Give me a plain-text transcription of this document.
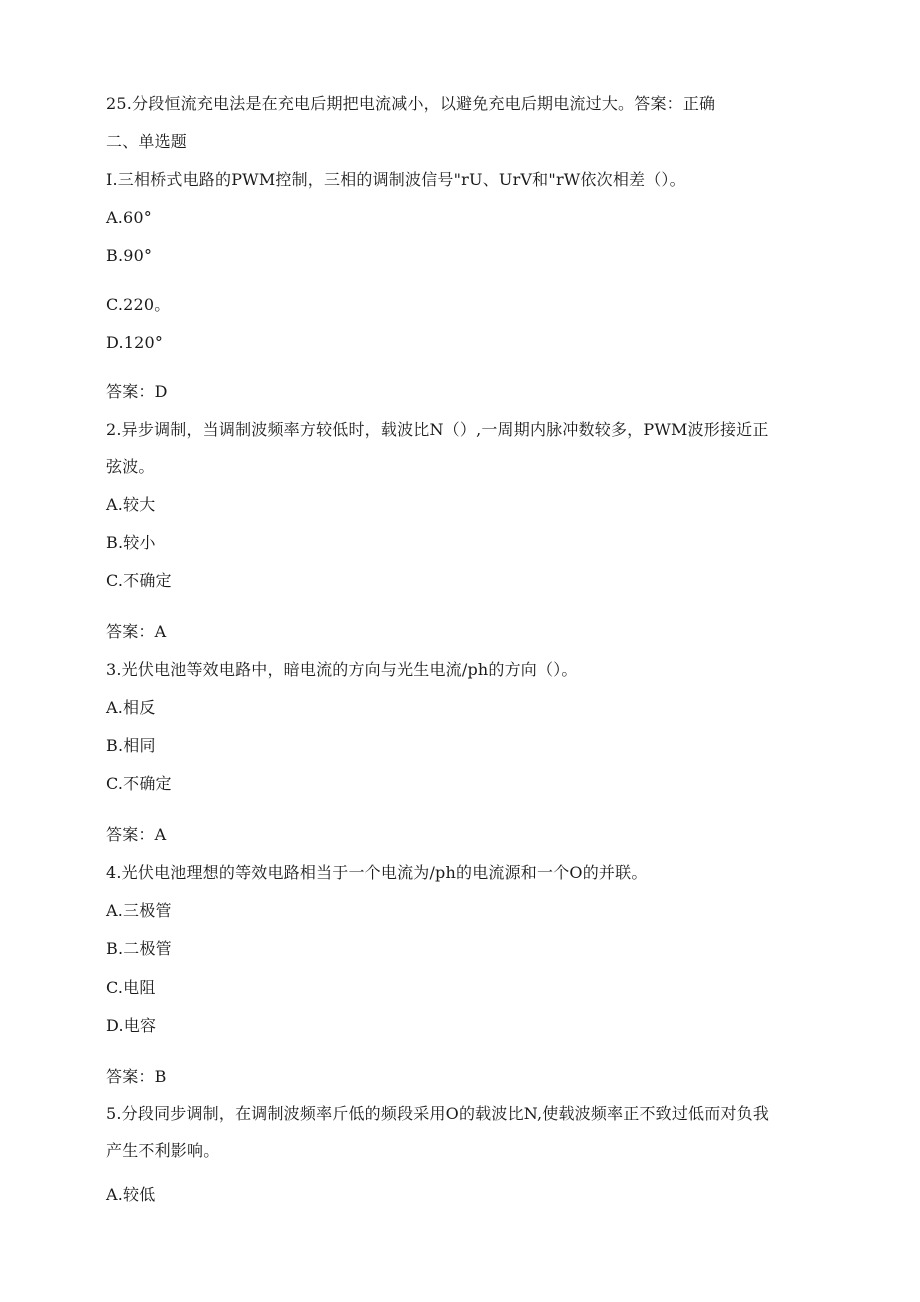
25.分段恒流充电法是在充电后期把电流减小，以避免充电后期电流过大。答案：正确
二、单选题
I.三相桥式电路的PWM控制，三相的调制波信号"rU、UrV和"rW依次相差（）。
A.60°
B.90°
C.220。
D.120°
答案：D
2.异步调制，当调制波频率方较低时，载波比N（）,一周期内脉冲数较多，PWM波形接近正
弦波。
A.较大
B.较小
C.不确定
答案：A
3.光伏电池等效电路中，暗电流的方向与光生电流/ph的方向（）。
A.相反
B.相同
C.不确定
答案：A
4.光伏电池理想的等效电路相当于一个电流为/ph的电流源和一个O的并联。
A.三极管
B.二极管
C.电阻
D.电容
答案：B
5.分段同步调制，在调制波频率斤低的频段采用O的载波比N,使载波频率正不致过低而对负我
产生不利影响。
A.较低
